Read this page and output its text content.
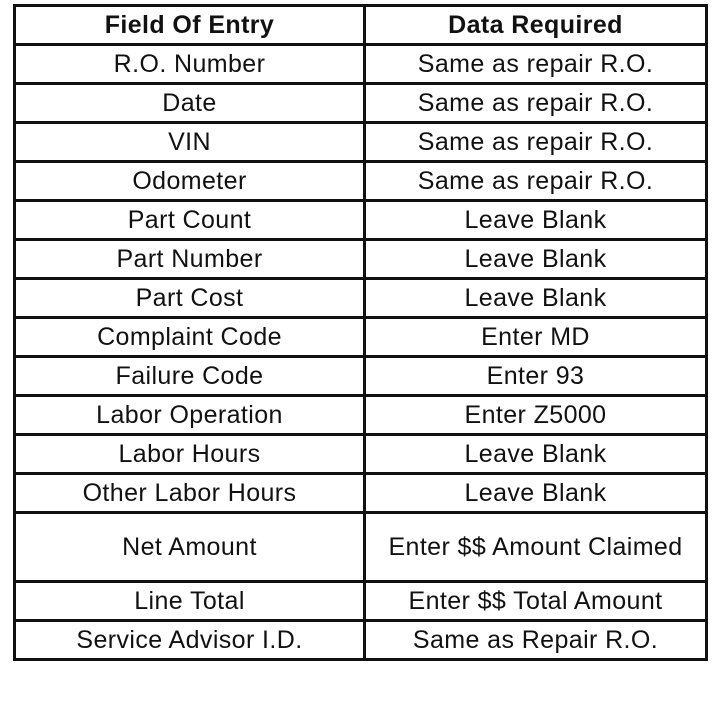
Field Of Entry	Data Required
R.O. Number	Same as repair R.O.
Date	Same as repair R.O.
VIN	Same as repair R.O.
Odometer	Same as repair R.O.
Part Count	Leave Blank
Part Number	Leave Blank
Part Cost	Leave Blank
Complaint Code	Enter MD
Failure Code	Enter 93
Labor Operation	Enter Z5000
Labor Hours	Leave Blank
Other Labor Hours	Leave Blank
Net Amount	Enter $$ Amount Claimed
Line Total	Enter $$ Total Amount
Service Advisor I.D.	Same as Repair R.O.
